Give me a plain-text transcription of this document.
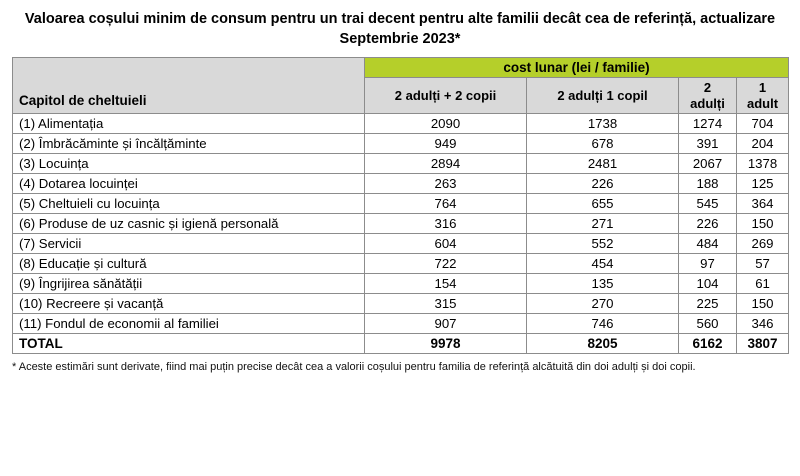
Valoarea coșului minim de consum pentru un trai decent pentru alte familii decât cea de referință, actualizare Septembrie 2023*
Capitol de cheltuieli	cost lunar (lei / familie)			
	2 adulți + 2 copii	2 adulți 1 copil	2 adulți	1 adult
(1) Alimentația	2090	1738	1274	704
(2) Îmbrăcăminte și încălțăminte	949	678	391	204
(3) Locuința	2894	2481	2067	1378
(4) Dotarea locuinței	263	226	188	125
(5) Cheltuieli cu locuința	764	655	545	364
(6) Produse de uz casnic și igienă personală	316	271	226	150
(7) Servicii	604	552	484	269
(8) Educație și cultură	722	454	97	57
(9) Îngrijirea sănătății	154	135	104	61
(10) Recreere și vacanță	315	270	225	150
(11) Fondul de economii al familiei	907	746	560	346
TOTAL	9978	8205	6162	3807
* Aceste estimări sunt derivate, fiind mai puțin precise decât cea a valorii coșului pentru familia de referință alcătuită din doi adulți și doi copii.
